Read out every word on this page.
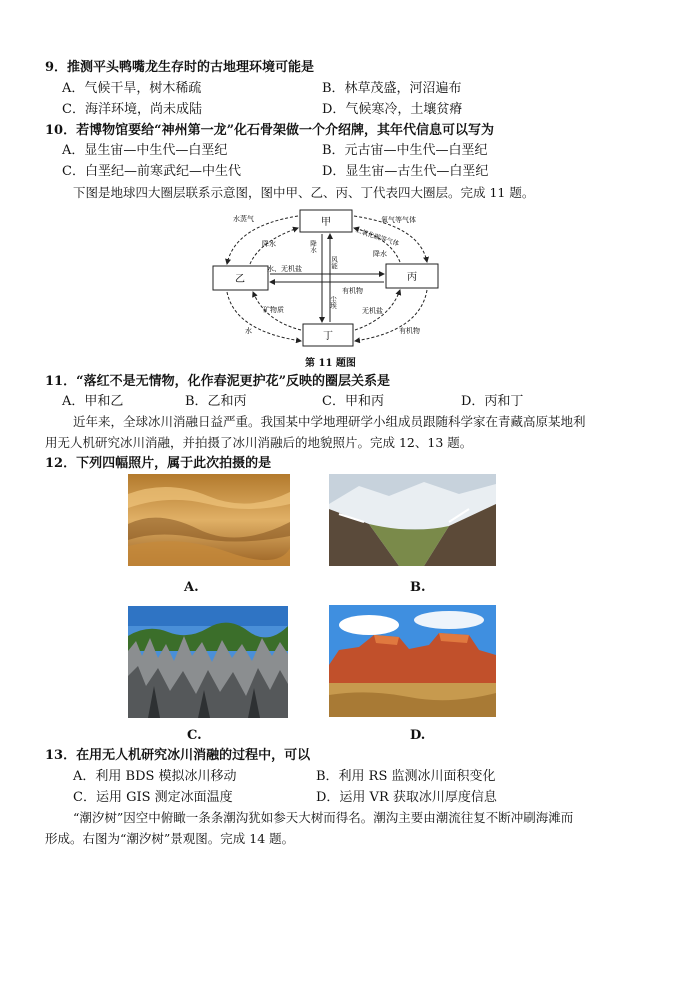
9．推测平头鸭嘴龙生存时的古地理环境可能是
A．气候干旱，树木稀疏	B．林草茂盛，河沼遍布
C．海洋环境，尚未成陆	D．气候寒冷，土壤贫瘠
10．若博物馆要给“神州第一龙”化石骨架做一个介绍牌，其年代信息可以写为
A．显生宙—中生代—白垩纪	B．元古宙—中生代—白垩纪
C．白垩纪—前寒武纪—中生代	D．显生宙—古生代—白垩纪
下图是地球四大圈层联系示意图，图中甲、乙、丙、丁代表四大圈层。完成 11 题。
甲
乙	丙
丁
水蒸气
降水
氧气等气体
二氧化碳等气体
降水
降水
风能
水、无机盐
有机物
尘埃
矿物质	无机盐
水	有机物
第 11 题图
11．“落红不是无情物，化作春泥更护花”反映的圈层关系是
A．甲和乙	B．乙和丙	C．甲和丙	D．丙和丁
近年来，全球冰川消融日益严重。我国某中学地理研学小组成员跟随科学家在青藏高原某地利
用无人机研究冰川消融，并拍摄了冰川消融后的地貌照片。完成 12、13 题。
12．下列四幅照片，属于此次拍摄的是
A.	B.
C.	D.
13．在用无人机研究冰川消融的过程中，可以
A．利用 BDS 模拟冰川移动	B．利用 RS 监测冰川面积变化
C．运用 GIS 测定冰面温度	D．运用 VR 获取冰川厚度信息
“潮汐树”因空中俯瞰一条条潮沟犹如参天大树而得名。潮沟主要由潮流往复不断冲刷海滩而
形成。右图为“潮汐树”景观图。完成 14 题。
